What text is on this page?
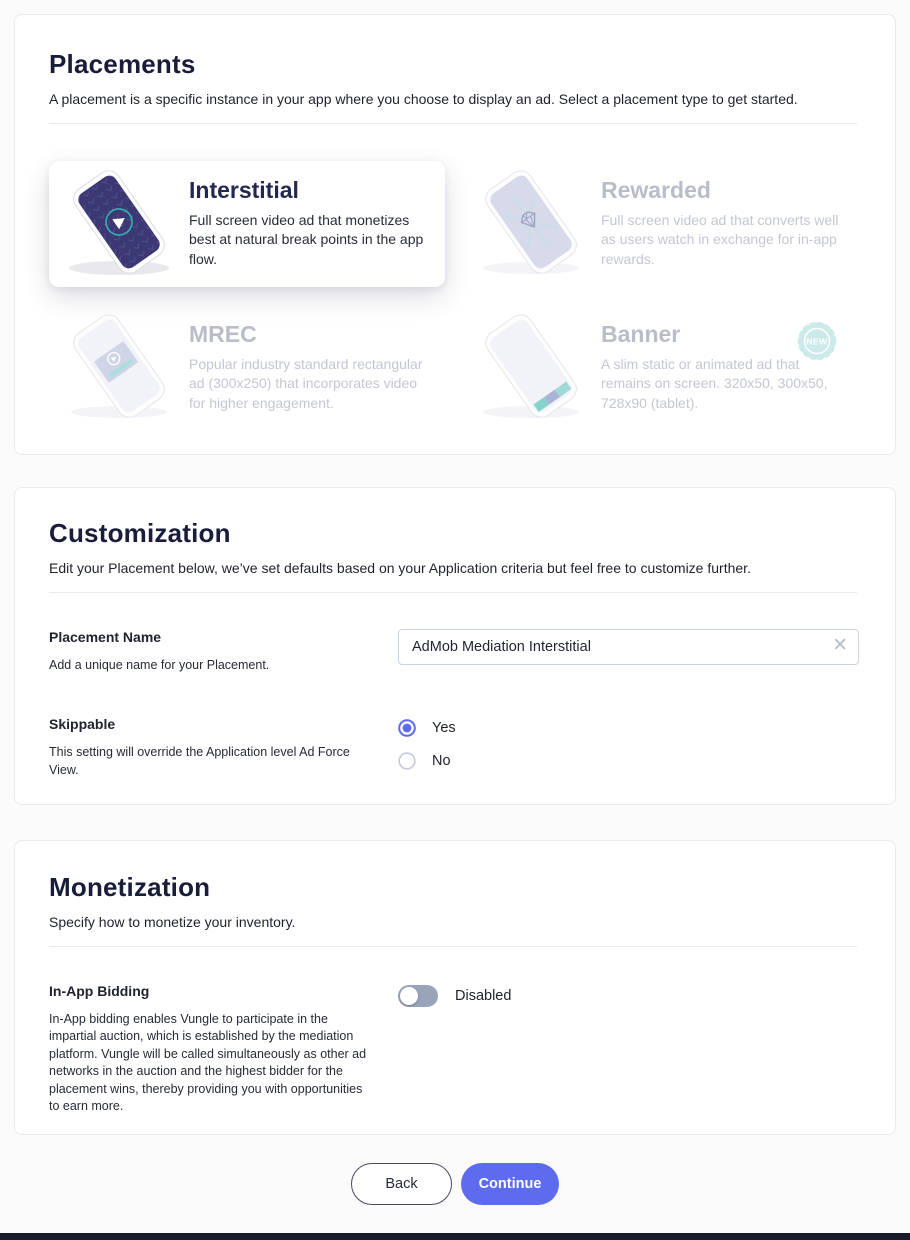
Placements

A placement is a specific instance in your app where you choose to display an ad. Select a placement type to get started.

Interstitial
Full screen video ad that monetizes best at natural break points in the app flow.
Rewarded
Full screen video ad that converts well as users watch in exchange for in-app rewards.
MREC
Popular industry standard rectangular ad (300x250) that incorporates video for higher engagement.
Banner
A slim static or animated ad that remains on screen. 320x50, 300x50, 728x90 (tablet).
NEW
Customization

Edit your Placement below, we’ve set defaults based on your Application criteria but feel free to customize further.

Placement Name
Add a unique name for your Placement.
AdMob Mediation Interstitial
✕
Skippable
This setting will override the Application level Ad Force View.
Yes
No
Monetization

Specify how to monetize your inventory.

In-App Bidding
In-App bidding enables Vungle to participate in the impartial auction, which is established by the mediation platform. Vungle will be called simultaneously as other ad networks in the auction and the highest bidder for the placement wins, thereby providing you with opportunities to earn more.
Disabled
Back	Continue
